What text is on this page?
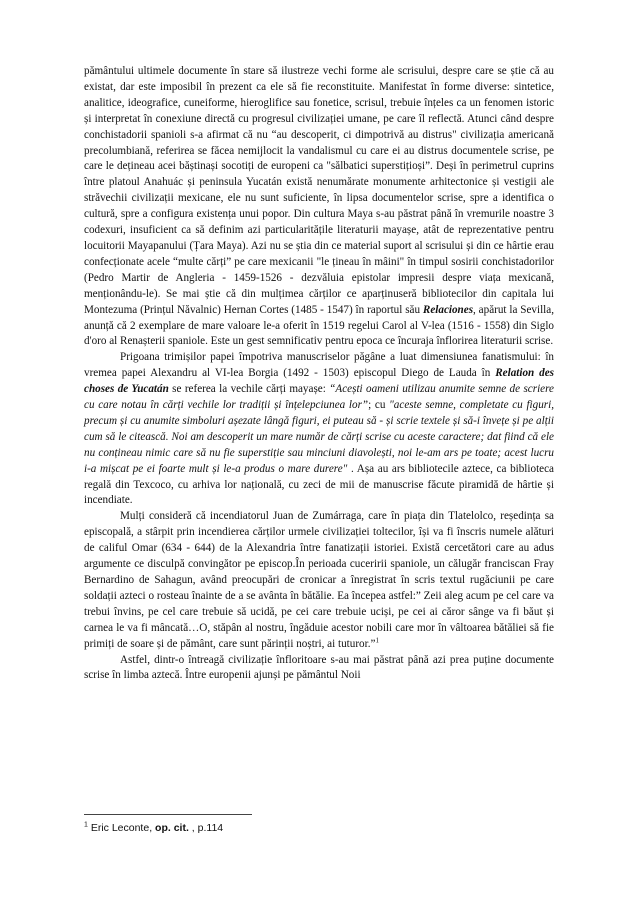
pământului ultimele documente în stare să ilustreze vechi forme ale scrisului, despre care se știe că au existat, dar este imposibil în prezent ca ele să fie reconstituite. Manifestat în forme diverse: sintetice, analitice, ideografice, cuneiforme, hieroglifice sau fonetice, scrisul, trebuie înțeles ca un fenomen istoric și interpretat în conexiune directă cu progresul civilizației umane, pe care îl reflectă. Atunci când despre conchistadorii spanioli s-a afirmat că nu “au descoperit, ci dimpotrivă au distrus" civilizația americană precolumbiană, referirea se făcea nemijlocit la vandalismul cu care ei au distrus documentele scrise, pe care le dețineau acei băștinași socotiți de europeni ca "sălbatici superstițioși”. Deși în perimetrul cuprins între platoul Anahuác și peninsula Yucatán există nenumărate monumente arhitectonice și vestigii ale străvechii civilizații mexicane, ele nu sunt suficiente, în lipsa documentelor scrise, spre a identifica o cultură, spre a configura existența unui popor. Din cultura Maya s-au păstrat până în vremurile noastre 3 codexuri, insuficient ca să definim azi particularitățile literaturii mayașe, atât de reprezentative pentru locuitorii Mayapanului (Țara Maya). Azi nu se știa din ce material suport al scrisului și din ce hârtie erau confecționate acele “multe cărți” pe care mexicanii "le țineau în mâini" în timpul sosirii conchistadorilor (Pedro Martir de Angleria - 1459-1526 - dezvăluia epistolar impresii despre viața mexicană, menționându-le). Se mai știe că din mulțimea cărților ce aparținuseră bibliotecilor din capitala lui Montezuma (Prințul Năvalnic) Hernan Cortes (1485 - 1547) în raportul său Relaciones, apărut la Sevilla, anunță că 2 exemplare de mare valoare le-a oferit în 1519 regelui Carol al V-lea (1516 - 1558) din Siglo d'oro al Renașterii spaniole. Este un gest semnificativ pentru epoca ce încuraja înflorirea literaturii scrise.

Prigoana trimișilor papei împotriva manuscriselor păgâne a luat dimensiunea fanatismului: în vremea papei Alexandru al VI-lea Borgia (1492 - 1503) episcopul Diego de Lauda în Relation des choses de Yucatán se referea la vechile cărți mayașe: “Acești oameni utilizau anumite semne de scriere cu care notau în cărți vechile lor tradiții și înțelepciunea lor”; cu "aceste semne, completate cu figuri, precum și cu anumite simboluri așezate lângă figuri, ei puteau să - și scrie textele și să-i învețe și pe alții cum să le citească. Noi am descoperit un mare număr de cărți scrise cu aceste caractere; dat fiind că ele nu conțineau nimic care să nu fie superstiție sau minciuni diavolești, noi le-am ars pe toate; acest lucru i-a mișcat pe ei foarte mult și le-a produs o mare durere" . Așa au ars bibliotecile aztece, ca biblioteca regală din Texcoco, cu arhiva lor națională, cu zeci de mii de manuscrise făcute piramidă de hârtie și incendiate.

Mulți consideră că incendiatorul Juan de Zumárraga, care în piața din Tlatelolco, reședința sa episcopală, a stârpit prin incendierea cărților urmele civilizației toltecilor, își va fi înscris numele alături de califul Omar (634 - 644) de la Alexandria între fanatizații istoriei. Există cercetători care au adus argumente ce disculpă convingător pe episcop.În perioada cuceririi spaniole, un călugăr franciscan Fray Bernardino de Sahagun, având preocupări de cronicar a înregistrat în scris textul rugăciunii pe care soldații azteci o rosteau înainte de a se avânta în bătălie. Ea începea astfel:” Zeii aleg acum pe cel care va trebui învins, pe cel care trebuie să ucidă, pe cei care trebuie uciși, pe cei ai căror sânge va fi băut și carnea le va fi mâncată…O, stăpân al nostru, îngăduie acestor nobili care mor în vâltoarea bătăliei să fie primiți de soare și de pământ, care sunt părinții noștri, ai tuturor.”$^1$

Astfel, dintr-o întreagă civilizație înfloritoare s-au mai păstrat până azi prea puține documente scrise în limba aztecă. Între europenii ajunși pe pământul Noii

$^1$ Eric Leconte, op. cit. , p.114
